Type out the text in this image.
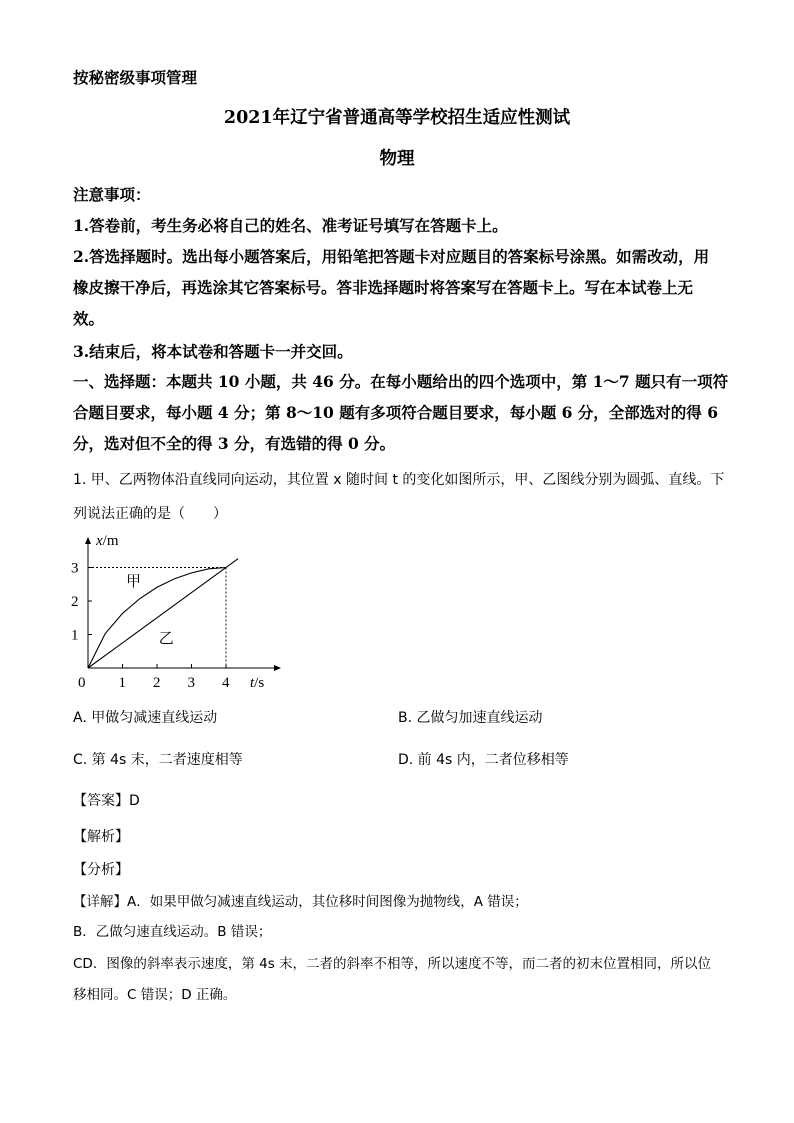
按秘密级事项管理
2021年辽宁省普通高等学校招生适应性测试
物理
注意事项：
1.答卷前，考生务必将自己的姓名、准考证号填写在答题卡上。
2.答选择题时。选出每小题答案后，用铅笔把答题卡对应题目的答案标号涂黑。如需改动，用
橡皮擦干净后，再选涂其它答案标号。答非选择题时将答案写在答题卡上。写在本试卷上无
效。
3.结束后，将本试卷和答题卡一并交回。
一、选择题：本题共 10 小题，共 46 分。在每小题给出的四个选项中，第 1～7 题只有一项符
合题目要求，每小题 4 分；第 8～10 题有多项符合题目要求，每小题 6 分，全部选对的得 6
分，选对但不全的得 3 分，有选错的得 0 分。
1. 甲、乙两物体沿直线同向运动，其位置 x 随时间 t 的变化如图所示，甲、乙图线分别为圆弧、直线。下
列说法正确的是（　　）
0 1 2 3 4
1
2
3
x/m
t/s
甲
乙
A. 甲做匀减速直线运动	B. 乙做匀加速直线运动
C. 第 4s 末，二者速度相等	D. 前 4s 内，二者位移相等
【答案】D
【解析】
【分析】
【详解】A．如果甲做匀减速直线运动，其位移时间图像为抛物线，A 错误；
B．乙做匀速直线运动。B 错误；
CD．图像的斜率表示速度，第 4s 末，二者的斜率不相等，所以速度不等，而二者的初末位置相同，所以位
移相同。C 错误；D 正确。
